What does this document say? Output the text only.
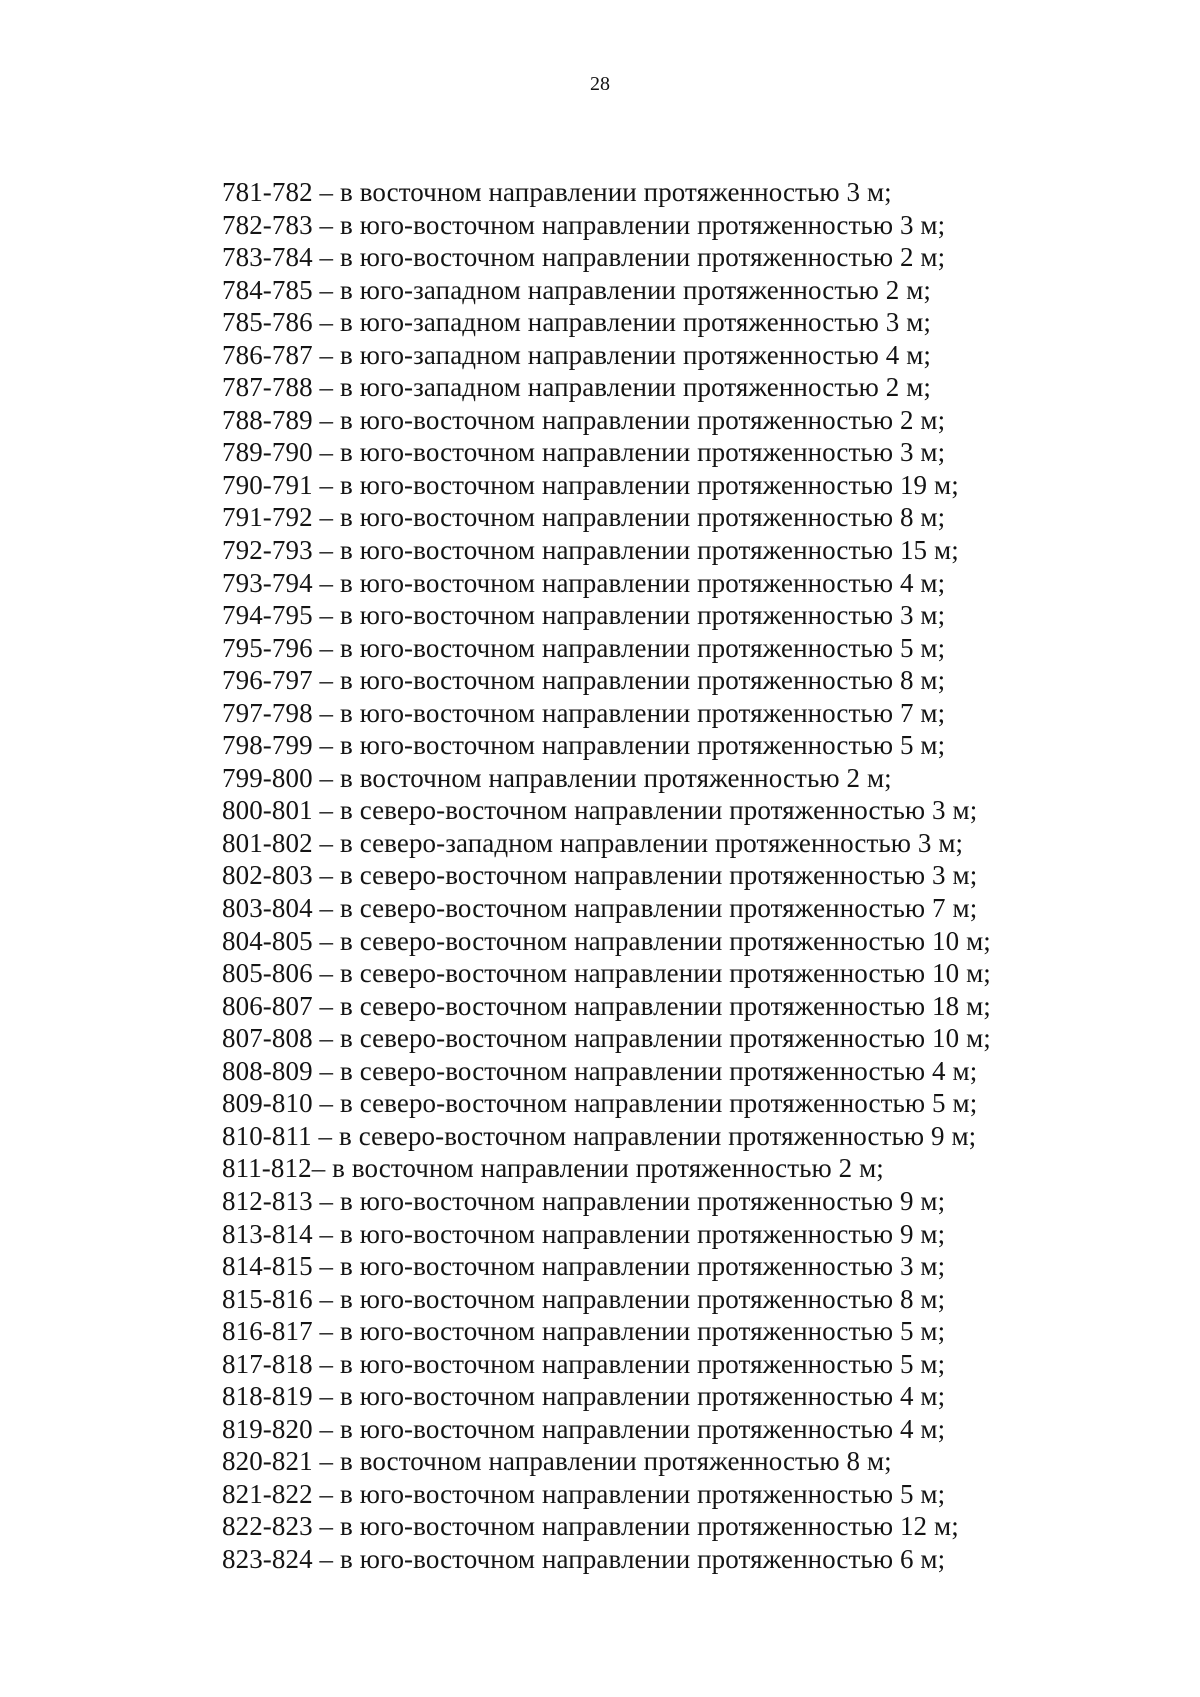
28
781-782 – в восточном направлении протяженностью 3 м;
782-783 – в юго-восточном направлении протяженностью 3 м;
783-784 – в юго-восточном направлении протяженностью 2 м;
784-785 – в юго-западном направлении протяженностью 2 м;
785-786 – в юго-западном направлении протяженностью 3 м;
786-787 – в юго-западном направлении протяженностью 4 м;
787-788 – в юго-западном направлении протяженностью 2 м;
788-789 – в юго-восточном направлении протяженностью 2 м;
789-790 – в юго-восточном направлении протяженностью 3 м;
790-791 – в юго-восточном направлении протяженностью 19 м;
791-792 – в юго-восточном направлении протяженностью 8 м;
792-793 – в юго-восточном направлении протяженностью 15 м;
793-794 – в юго-восточном направлении протяженностью 4 м;
794-795 – в юго-восточном направлении протяженностью 3 м;
795-796 – в юго-восточном направлении протяженностью 5 м;
796-797 – в юго-восточном направлении протяженностью 8 м;
797-798 – в юго-восточном направлении протяженностью 7 м;
798-799 – в юго-восточном направлении протяженностью 5 м;
799-800 – в восточном направлении протяженностью 2 м;
800-801 – в северо-восточном направлении протяженностью 3 м;
801-802 – в северо-западном направлении протяженностью 3 м;
802-803 – в северо-восточном направлении протяженностью 3 м;
803-804 – в северо-восточном направлении протяженностью 7 м;
804-805 – в северо-восточном направлении протяженностью 10 м;
805-806 – в северо-восточном направлении протяженностью 10 м;
806-807 – в северо-восточном направлении протяженностью 18 м;
807-808 – в северо-восточном направлении протяженностью 10 м;
808-809 – в северо-восточном направлении протяженностью 4 м;
809-810 – в северо-восточном направлении протяженностью 5 м;
810-811 – в северо-восточном направлении протяженностью 9 м;
811-812– в восточном направлении протяженностью 2 м;
812-813 – в юго-восточном направлении протяженностью 9 м;
813-814 – в юго-восточном направлении протяженностью 9 м;
814-815 – в юго-восточном направлении протяженностью 3 м;
815-816 – в юго-восточном направлении протяженностью 8 м;
816-817 – в юго-восточном направлении протяженностью 5 м;
817-818 – в юго-восточном направлении протяженностью 5 м;
818-819 – в юго-восточном направлении протяженностью 4 м;
819-820 – в юго-восточном направлении протяженностью 4 м;
820-821 – в восточном направлении протяженностью 8 м;
821-822 – в юго-восточном направлении протяженностью 5 м;
822-823 – в юго-восточном направлении протяженностью 12 м;
823-824 – в юго-восточном направлении протяженностью 6 м;
